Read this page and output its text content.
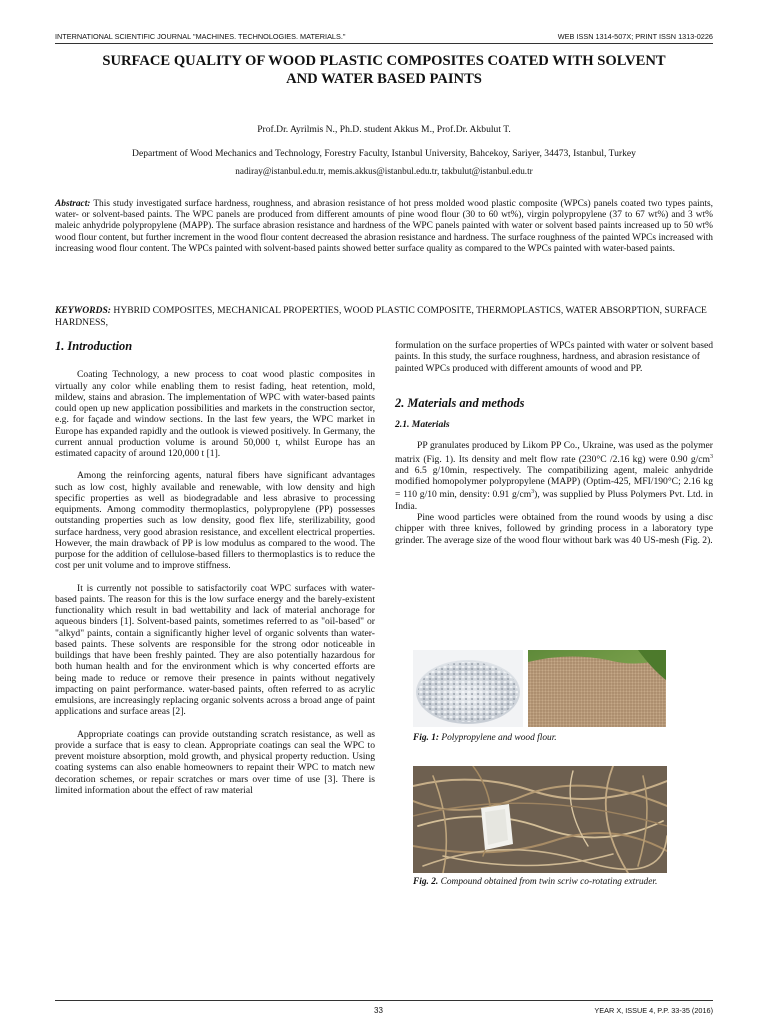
INTERNATIONAL SCIENTIFIC JOURNAL "MACHINES. TECHNOLOGIES. MATERIALS."	WEB ISSN 1314-507X; PRINT ISSN 1313-0226
SURFACE QUALITY OF WOOD PLASTIC COMPOSITES COATED WITH SOLVENT
AND WATER BASED PAINTS
Prof.Dr. Ayrilmis N., Ph.D. student Akkus M., Prof.Dr. Akbulut T.
Department of Wood Mechanics and Technology, Forestry Faculty, Istanbul University, Bahcekoy, Sariyer, 34473, Istanbul, Turkey
nadiray@istanbul.edu.tr, memis.akkus@istanbul.edu.tr, takbulut@istanbul.edu.tr
Abstract: This study investigated surface hardness, roughness, and abrasion resistance of hot press molded wood plastic composite (WPCs) panels coated two types paints, water- or solvent-based paints. The WPC panels are produced from different amounts of pine wood flour (30 to 60 wt%), virgin polypropylene (37 to 67 wt%) and 3 wt% maleic anhydride polypropylene (MAPP). The surface abrasion resistance and hardness of the WPC panels painted with water or solvent based paints increased up to 50 wt% wood flour content, but further increment in the wood flour content decreased the abrasion resistance and hardness. The surface roughness of the painted WPCs increased with increasing wood flour content. The WPCs painted with solvent-based paints showed better surface quality as compared to the WPCs painted with water-based paints.
KEYWORDS: HYBRID COMPOSITES, MECHANICAL PROPERTIES, WOOD PLASTIC COMPOSITE, THERMOPLASTICS, WATER ABSORPTION, SURFACE HARDNESS,
1. Introduction

Coating Technology, a new process to coat wood plastic composites in virtually any color while enabling them to resist fading, heat retention, mold, mildew, stains and abrasion. The implementation of WPC with water-based paints could open up new application possibilities and markets in the construction sector, e.g. for façade and window sections. In the last few years, the WPC market in Europe has expanded rapidly and the outlook is viewed positively. In Germany, the current annual production volume is around 50,000 t, whilst Europe has an estimated capacity of around 120,000 t [1].

Among the reinforcing agents, natural fibers have significant advantages such as low cost, highly available and renewable, with low density and high specific properties as well as biodegradable and less abrasive to processing equipments. Among commodity thermoplastics, polypropylene (PP) possesses outstanding properties such as low density, good flex life, sterilizability, good surface hardness, very good abrasion resistance, and excellent electrical properties. However, the main drawback of PP is low modulus as compared to the wood. The purpose for the addition of cellulose-based fillers to thermoplastics is to reduce the cost per unit volume and to improve stiffness.

It is currently not possible to satisfactorily coat WPC surfaces with water-based paints. The reason for this is the low surface energy and the barely-existent functionality which result in bad wettability and lack of material anchorage for aqueous binders [1]. Solvent-based paints, sometimes referred to as "oil-based" or "alkyd" paints, contain a significantly higher level of organic solvents than water-based paints. These solvents are responsible for the strong odor noticeable in buildings that have been freshly painted. They are also potentially hazardous for both human health and for the environment which is why concerted efforts are being made to reduce or remove their presence in paints without negatively impacting on paint performance. water-based paints, often referred to as acrylic emulsions, are increasingly replacing organic solvents across a broad ange of paint applications and surface areas [2].

Appropriate coatings can provide outstanding scratch resistance, as well as provide a surface that is easy to clean. Appropriate coatings can seal the WPC to prevent moisture absorption, mold growth, and physical property reduction. Using coating systems can also enable homeowners to repaint their WPC to match new decoration schemes, or repair scratches or mars over time of use [3]. There is limited information about the effect of raw material

formulation on the surface properties of WPCs painted with water or solvent based paints. In this study, the surface roughness, hardness, and abrasion resistance of
painted WPCs produced with different amounts of wood and PP.

2. Materials and methods
2.1. Materials

PP granulates produced by Likom PP Co., Ukraine, was used as the polymer matrix (Fig. 1). Its density and melt flow rate (230°C /2.16 kg) were 0.90 $g/cm^3$ and 6.5 g/10min, respectively. The compatibilizing agent, maleic anhydride modified homopolymer polypropylene (MAPP) (Optim-425, MFI/190°C; 2.16 kg = 110 g/10 min, density: 0.91 $g/cm^3$), was supplied by Pluss Polymers Pvt. Ltd. in India.

Pine wood particles were obtained from the round woods by using a disc chipper with three knives, followed by grinding process in a laboratory type grinder. The average size of the wood flour without bark was 40 US-mesh (Fig. 2).

Fig. 1: Polypropylene and wood flour.
Fig. 2. Compound obtained from twin scriw co-rotating extruder.
33	YEAR X, ISSUE 4, P.P. 33-35 (2016)
